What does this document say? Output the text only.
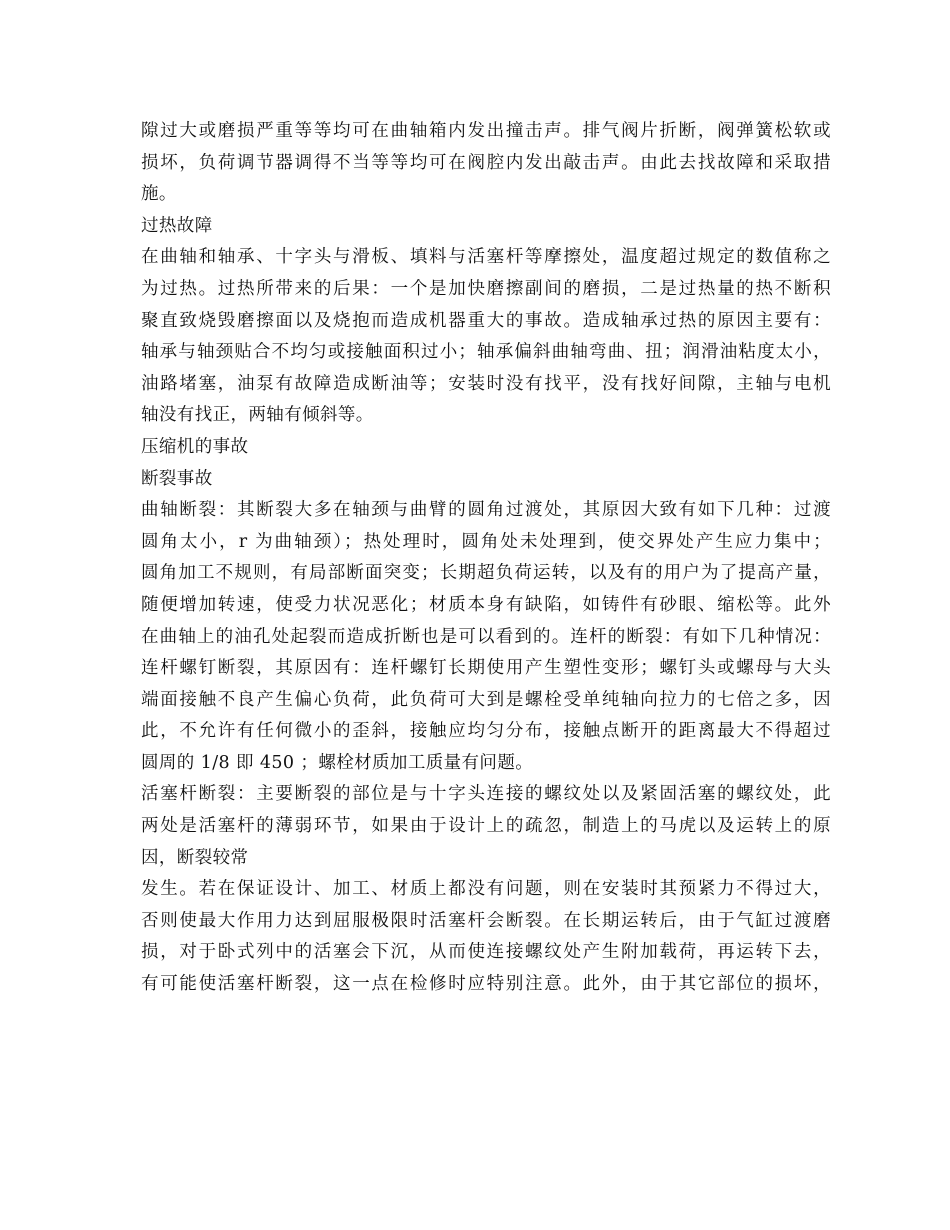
隙过大或磨损严重等等均可在曲轴箱内发出撞击声。排气阀片折断，阀弹簧松软或
损坏，负荷调节器调得不当等等均可在阀腔内发出敲击声。由此去找故障和采取措
施。
过热故障
在曲轴和轴承、十字头与滑板、填料与活塞杆等摩擦处，温度超过规定的数值称之
为过热。过热所带来的后果：一个是加快磨擦副间的磨损，二是过热量的热不断积
聚直致烧毁磨擦面以及烧抱而造成机器重大的事故。造成轴承过热的原因主要有：
轴承与轴颈贴合不均匀或接触面积过小；轴承偏斜曲轴弯曲、扭；润滑油粘度太小，
油路堵塞，油泵有故障造成断油等；安装时没有找平，没有找好间隙，主轴与电机
轴没有找正，两轴有倾斜等。
压缩机的事故
断裂事故
曲轴断裂：其断裂大多在轴颈与曲臂的圆角过渡处，其原因大致有如下几种：过渡
圆角太小，r 为曲轴颈）；热处理时，圆角处未处理到，使交界处产生应力集中；
圆角加工不规则，有局部断面突变；长期超负荷运转，以及有的用户为了提高产量，
随便增加转速，使受力状况恶化；材质本身有缺陷，如铸件有砂眼、缩松等。此外
在曲轴上的油孔处起裂而造成折断也是可以看到的。连杆的断裂：有如下几种情况：
连杆螺钉断裂，其原因有：连杆螺钉长期使用产生塑性变形；螺钉头或螺母与大头
端面接触不良产生偏心负荷，此负荷可大到是螺栓受单纯轴向拉力的七倍之多，因
此，不允许有任何微小的歪斜，接触应均匀分布，接触点断开的距离最大不得超过
圆周的 1/8 即 450 ；螺栓材质加工质量有问题。
活塞杆断裂：主要断裂的部位是与十字头连接的螺纹处以及紧固活塞的螺纹处，此
两处是活塞杆的薄弱环节，如果由于设计上的疏忽，制造上的马虎以及运转上的原
因，断裂较常
发生。若在保证设计、加工、材质上都没有问题，则在安装时其预紧力不得过大，
否则使最大作用力达到屈服极限时活塞杆会断裂。在长期运转后，由于气缸过渡磨
损，对于卧式列中的活塞会下沉，从而使连接螺纹处产生附加载荷，再运转下去，
有可能使活塞杆断裂，这一点在检修时应特别注意。此外，由于其它部位的损坏，
